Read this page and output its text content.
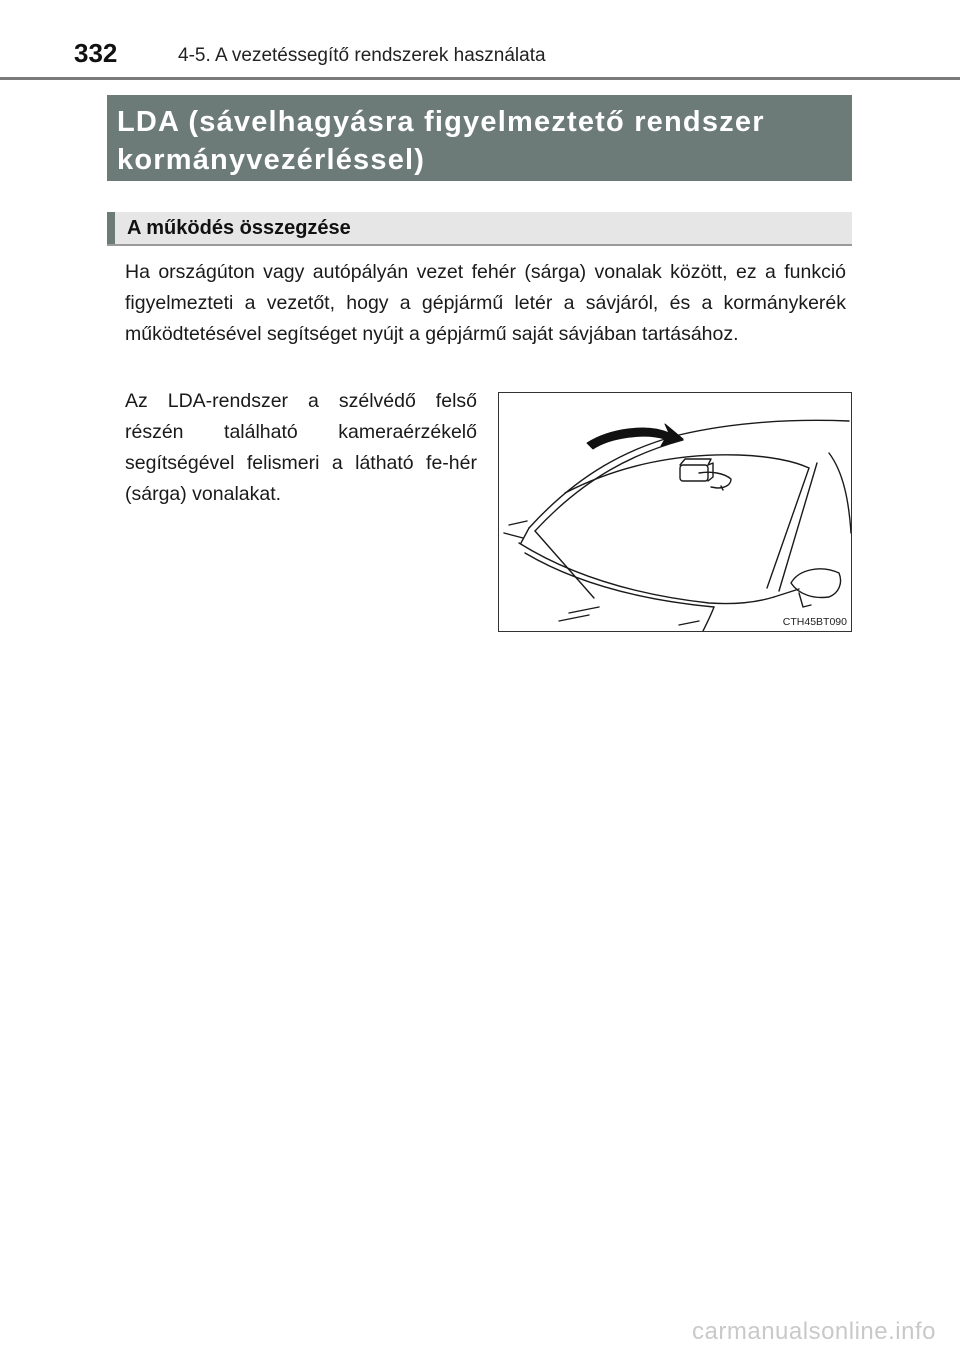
332	4-5. A vezetéssegítő rendszerek használata
LDA (sávelhagyásra figyelmeztető rendszer kormányvezérléssel)
A működés összegzése

Ha országúton vagy autópályán vezet fehér (sárga) vonalak között, ez a funkció figyelmezteti a vezetőt, hogy a gépjármű letér a sávjáról, és a kormánykerék működtetésével segítséget nyújt a gépjármű saját sávjában tartásához.

Az LDA-rendszer a szélvédő felső részén található kameraérzékelő segítségével felismeri a látható fe-hér (sárga) vonalakat.

CTH45BT090
carmanualsonline.info
